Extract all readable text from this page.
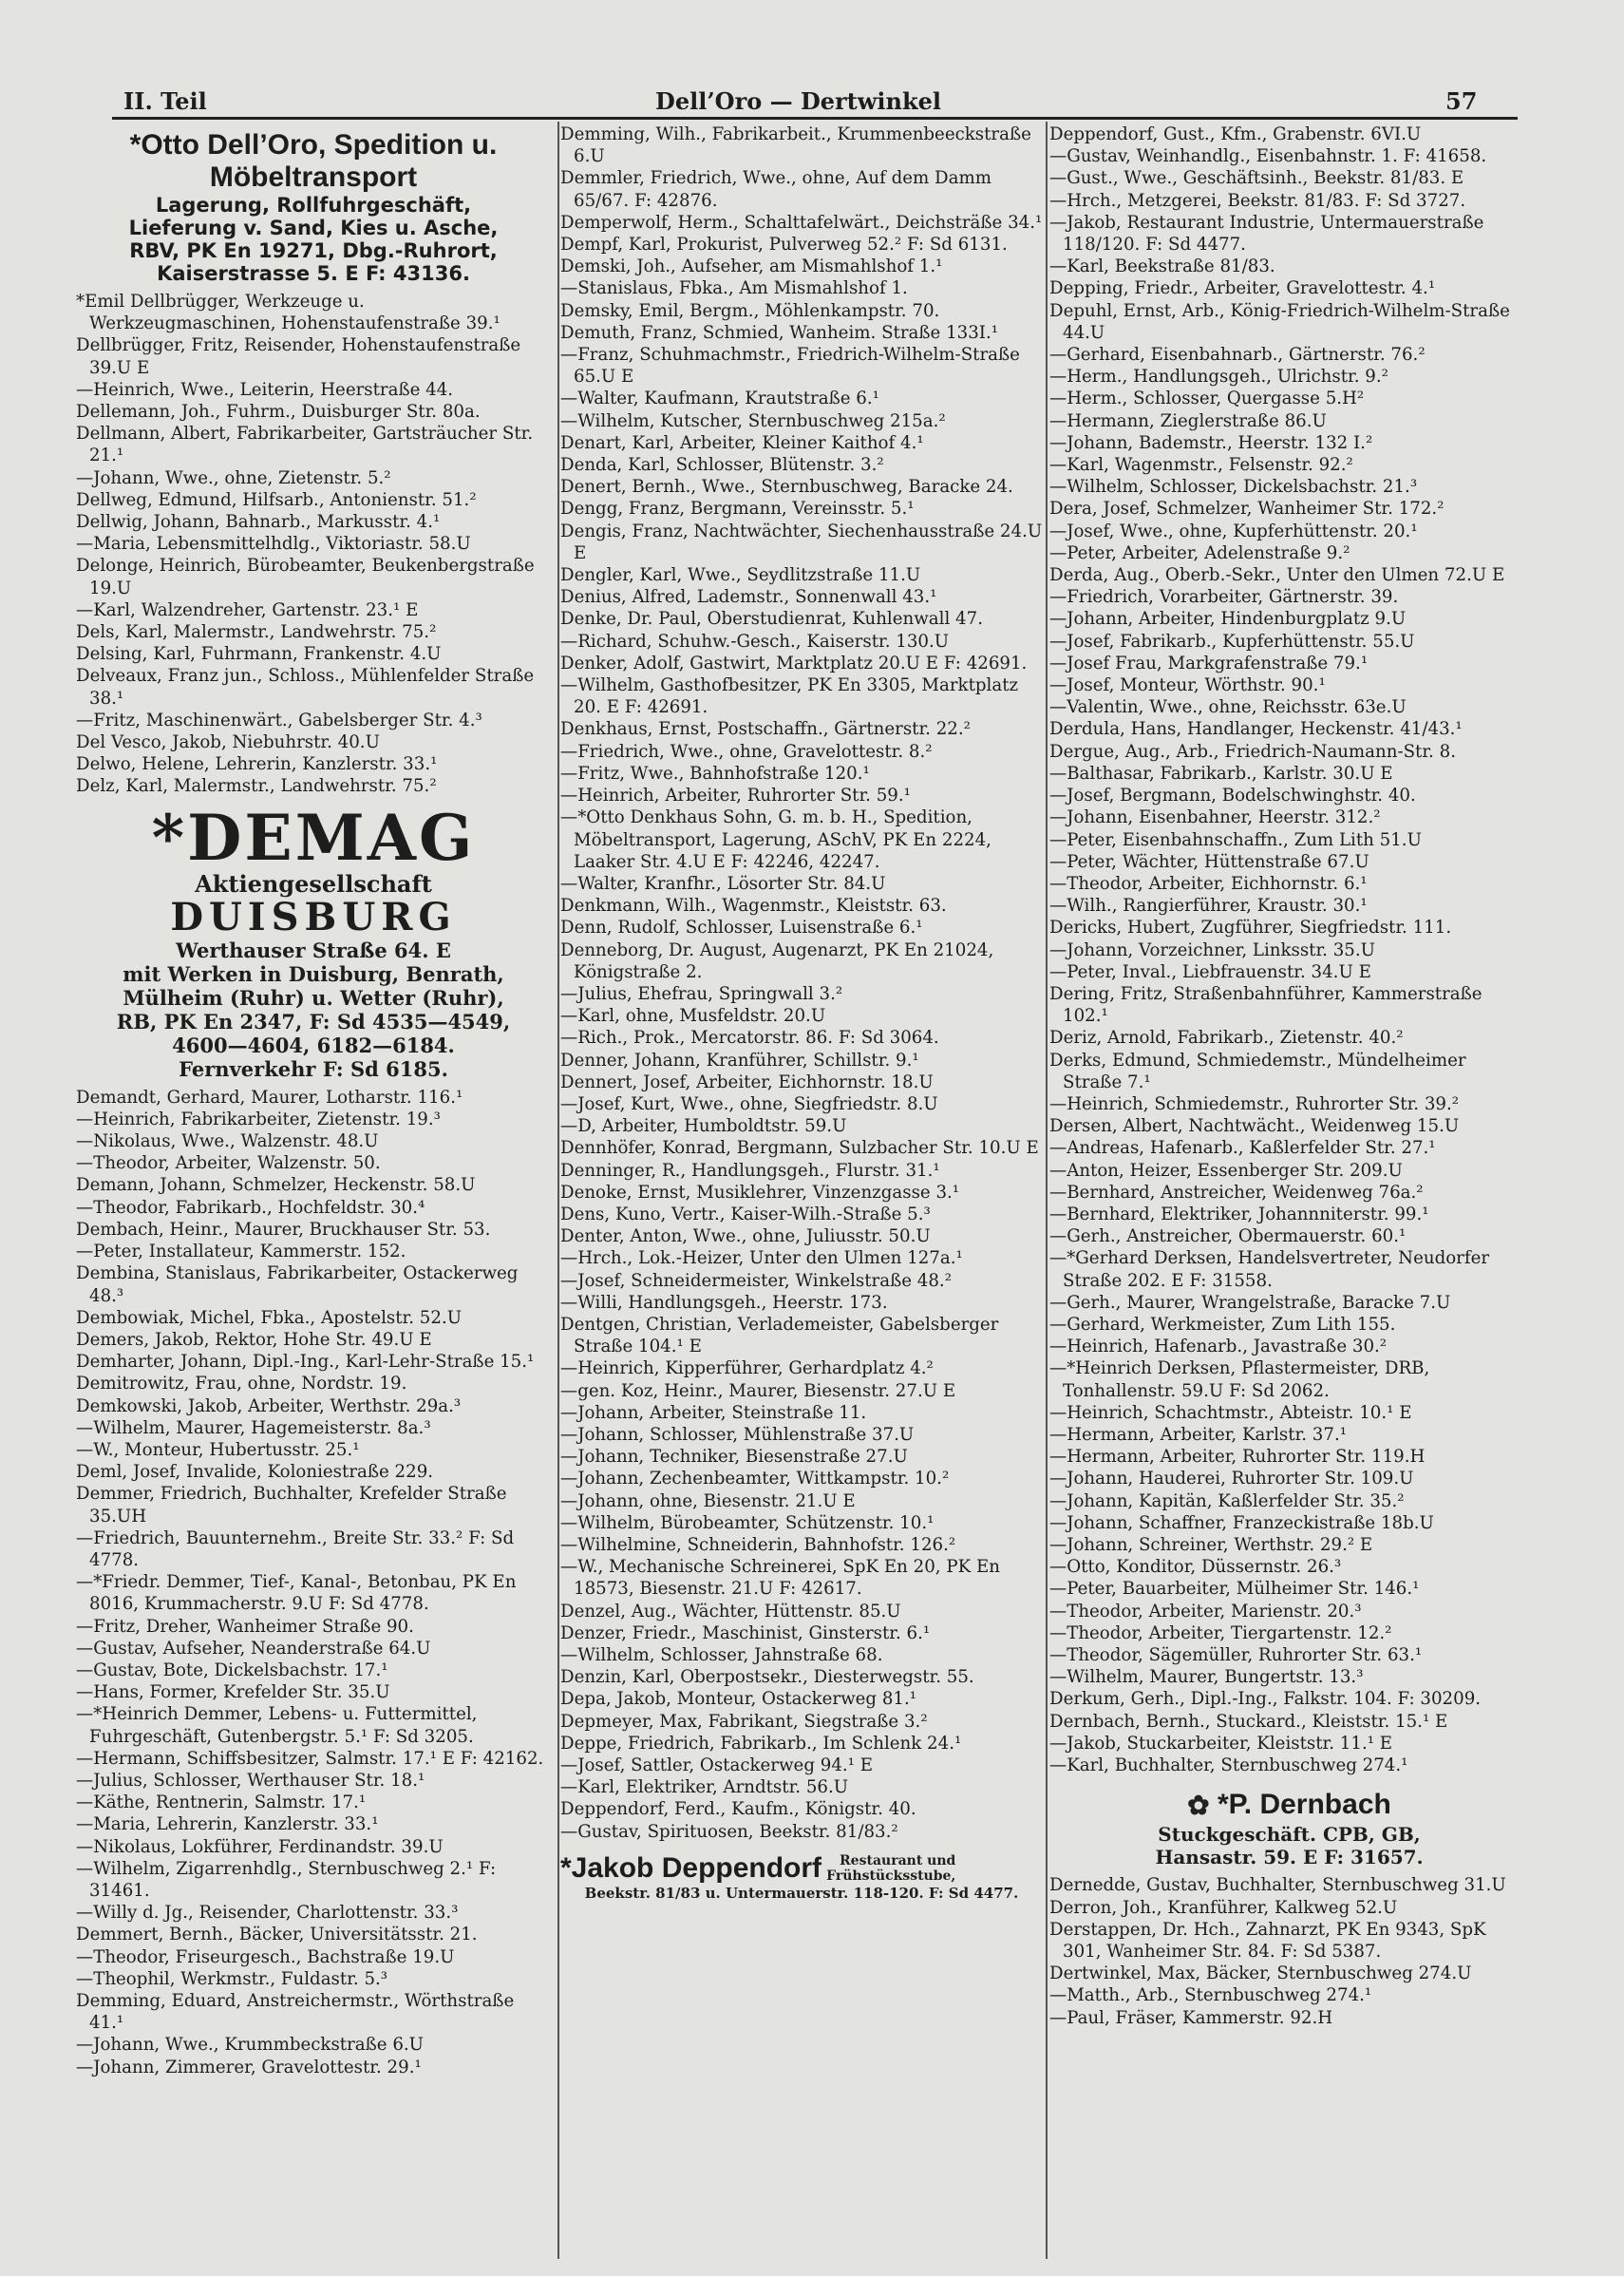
II. Teil	Dell’Oro — Dertwinkel	57
*Otto Dell’Oro, Spedition u. Möbeltransport
Lagerung, Rollfuhrgeschäft,
Lieferung v. Sand, Kies u. Asche,
RBV, PK En 19271, Dbg.-Ruhrort,
Kaiserstrasse 5. E F: 43136.
*Emil Dellbrügger, Werkzeuge u. Werkzeugmaschinen, Hohenstaufenstraße 39.¹
Dellbrügger, Fritz, Reisender, Hohenstaufenstraße 39.U E
—Heinrich, Wwe., Leiterin, Heerstraße 44.
Dellemann, Joh., Fuhrm., Duisburger Str. 80a.
Dellmann, Albert, Fabrikarbeiter, Gartsträucher Str. 21.¹
—Johann, Wwe., ohne, Zietenstr. 5.²
Dellweg, Edmund, Hilfsarb., Antonienstr. 51.²
Dellwig, Johann, Bahnarb., Markusstr. 4.¹
—Maria, Lebensmittelhdlg., Viktoriastr. 58.U
Delonge, Heinrich, Bürobeamter, Beukenbergstraße 19.U
—Karl, Walzendreher, Gartenstr. 23.¹ E
Dels, Karl, Malermstr., Landwehrstr. 75.²
Delsing, Karl, Fuhrmann, Frankenstr. 4.U
Delveaux, Franz jun., Schloss., Mühlenfelder Straße 38.¹
—Fritz, Maschinenwärt., Gabelsberger Str. 4.³
Del Vesco, Jakob, Niebuhrstr. 40.U
Delwo, Helene, Lehrerin, Kanzlerstr. 33.¹
Delz, Karl, Malermstr., Landwehrstr. 75.²
*DEMAG
Aktiengesellschaft
DUISBURG
Werthauser Straße 64. E
mit Werken in Duisburg, Benrath,
Mülheim (Ruhr) u. Wetter (Ruhr),
RB, PK En 2347, F: Sd 4535—4549,
4600—4604, 6182—6184.
Fernverkehr F: Sd 6185.
Demandt, Gerhard, Maurer, Lotharstr. 116.¹
—Heinrich, Fabrikarbeiter, Zietenstr. 19.³
—Nikolaus, Wwe., Walzenstr. 48.U
—Theodor, Arbeiter, Walzenstr. 50.
Demann, Johann, Schmelzer, Heckenstr. 58.U
—Theodor, Fabrikarb., Hochfeldstr. 30.⁴
Dembach, Heinr., Maurer, Bruckhauser Str. 53.
—Peter, Installateur, Kammerstr. 152.
Dembina, Stanislaus, Fabrikarbeiter, Ostackerweg 48.³
Dembowiak, Michel, Fbka., Apostelstr. 52.U
Demers, Jakob, Rektor, Hohe Str. 49.U E
Demharter, Johann, Dipl.-Ing., Karl-Lehr-Straße 15.¹
Demitrowitz, Frau, ohne, Nordstr. 19.
Demkowski, Jakob, Arbeiter, Werthstr. 29a.³
—Wilhelm, Maurer, Hagemeisterstr. 8a.³
—W., Monteur, Hubertusstr. 25.¹
Deml, Josef, Invalide, Koloniestraße 229.
Demmer, Friedrich, Buchhalter, Krefelder Straße 35.UH
—Friedrich, Bauunternehm., Breite Str. 33.² F: Sd 4778.
—*Friedr. Demmer, Tief-, Kanal-, Betonbau, PK En 8016, Krummacherstr. 9.U F: Sd 4778.
—Fritz, Dreher, Wanheimer Straße 90.
—Gustav, Aufseher, Neanderstraße 64.U
—Gustav, Bote, Dickelsbachstr. 17.¹
—Hans, Former, Krefelder Str. 35.U
—*Heinrich Demmer, Lebens- u. Futtermittel, Fuhrgeschäft, Gutenbergstr. 5.¹ F: Sd 3205.
—Hermann, Schiffsbesitzer, Salmstr. 17.¹ E F: 42162.
—Julius, Schlosser, Werthauser Str. 18.¹
—Käthe, Rentnerin, Salmstr. 17.¹
—Maria, Lehrerin, Kanzlerstr. 33.¹
—Nikolaus, Lokführer, Ferdinandstr. 39.U
—Wilhelm, Zigarrenhdlg., Sternbuschweg 2.¹ F: 31461.
—Willy d. Jg., Reisender, Charlottenstr. 33.³
Demmert, Bernh., Bäcker, Universitätsstr. 21.
—Theodor, Friseurgesch., Bachstraße 19.U
—Theophil, Werkmstr., Fuldastr. 5.³
Demming, Eduard, Anstreichermstr., Wörthstraße 41.¹
—Johann, Wwe., Krummbeckstraße 6.U
—Johann, Zimmerer, Gravelottestr. 29.¹
Demming, Wilh., Fabrikarbeit., Krummenbeeckstraße 6.U
Demmler, Friedrich, Wwe., ohne, Auf dem Damm 65/67. F: 42876.
Demperwolf, Herm., Schalttafelwärt., Deichsträße 34.¹
Dempf, Karl, Prokurist, Pulverweg 52.² F: Sd 6131.
Demski, Joh., Aufseher, am Mismahlshof 1.¹
—Stanislaus, Fbka., Am Mismahlshof 1.
Demsky, Emil, Bergm., Möhlenkampstr. 70.
Demuth, Franz, Schmied, Wanheim. Straße 133I.¹
—Franz, Schuhmachmstr., Friedrich-Wilhelm-Straße 65.U E
—Walter, Kaufmann, Krautstraße 6.¹
—Wilhelm, Kutscher, Sternbuschweg 215a.²
Denart, Karl, Arbeiter, Kleiner Kaithof 4.¹
Denda, Karl, Schlosser, Blütenstr. 3.²
Denert, Bernh., Wwe., Sternbuschweg, Baracke 24.
Dengg, Franz, Bergmann, Vereinsstr. 5.¹
Dengis, Franz, Nachtwächter, Siechenhausstraße 24.U E
Dengler, Karl, Wwe., Seydlitzstraße 11.U
Denius, Alfred, Lademstr., Sonnenwall 43.¹
Denke, Dr. Paul, Oberstudienrat, Kuhlenwall 47.
—Richard, Schuhw.-Gesch., Kaiserstr. 130.U
Denker, Adolf, Gastwirt, Marktplatz 20.U E F: 42691.
—Wilhelm, Gasthofbesitzer, PK En 3305, Marktplatz 20. E F: 42691.
Denkhaus, Ernst, Postschaffn., Gärtnerstr. 22.²
—Friedrich, Wwe., ohne, Gravelottestr. 8.²
—Fritz, Wwe., Bahnhofstraße 120.¹
—Heinrich, Arbeiter, Ruhrorter Str. 59.¹
—*Otto Denkhaus Sohn, G. m. b. H., Spedition, Möbeltransport, Lagerung, ASchV, PK En 2224, Laaker Str. 4.U E F: 42246, 42247.
—Walter, Kranfhr., Lösorter Str. 84.U
Denkmann, Wilh., Wagenmstr., Kleiststr. 63.
Denn, Rudolf, Schlosser, Luisenstraße 6.¹
Denneborg, Dr. August, Augenarzt, PK En 21024, Königstraße 2.
—Julius, Ehefrau, Springwall 3.²
—Karl, ohne, Musfeldstr. 20.U
—Rich., Prok., Mercatorstr. 86. F: Sd 3064.
Denner, Johann, Kranführer, Schillstr. 9.¹
Dennert, Josef, Arbeiter, Eichhornstr. 18.U
—Josef, Kurt, Wwe., ohne, Siegfriedstr. 8.U
—D, Arbeiter, Humboldtstr. 59.U
Dennhöfer, Konrad, Bergmann, Sulzbacher Str. 10.U E
Denninger, R., Handlungsgeh., Flurstr. 31.¹
Denoke, Ernst, Musiklehrer, Vinzenzgasse 3.¹
Dens, Kuno, Vertr., Kaiser-Wilh.-Straße 5.³
Denter, Anton, Wwe., ohne, Juliusstr. 50.U
—Hrch., Lok.-Heizer, Unter den Ulmen 127a.¹
—Josef, Schneidermeister, Winkelstraße 48.²
—Willi, Handlungsgeh., Heerstr. 173.
Dentgen, Christian, Verlademeister, Gabelsberger Straße 104.¹ E
—Heinrich, Kipperführer, Gerhardplatz 4.²
—gen. Koz, Heinr., Maurer, Biesenstr. 27.U E
—Johann, Arbeiter, Steinstraße 11.
—Johann, Schlosser, Mühlenstraße 37.U
—Johann, Techniker, Biesenstraße 27.U
—Johann, Zechenbeamter, Wittkampstr. 10.²
—Johann, ohne, Biesenstr. 21.U E
—Wilhelm, Bürobeamter, Schützenstr. 10.¹
—Wilhelmine, Schneiderin, Bahnhofstr. 126.²
—W., Mechanische Schreinerei, SpK En 20, PK En 18573, Biesenstr. 21.U F: 42617.
Denzel, Aug., Wächter, Hüttenstr. 85.U
Denzer, Friedr., Maschinist, Ginsterstr. 6.¹
—Wilhelm, Schlosser, Jahnstraße 68.
Denzin, Karl, Oberpostsekr., Diesterwegstr. 55.
Depa, Jakob, Monteur, Ostackerweg 81.¹
Depmeyer, Max, Fabrikant, Siegstraße 3.²
Deppe, Friedrich, Fabrikarb., Im Schlenk 24.¹
—Josef, Sattler, Ostackerweg 94.¹ E
—Karl, Elektriker, Arndtstr. 56.U
Deppendorf, Ferd., Kaufm., Königstr. 40.
—Gustav, Spirituosen, Beekstr. 81/83.²
*Jakob Deppendorf Restaurant und
Frühstücksstube,
Beekstr. 81/83 u. Untermauerstr. 118-120. F: Sd 4477.
Deppendorf, Gust., Kfm., Grabenstr. 6VI.U
—Gustav, Weinhandlg., Eisenbahnstr. 1. F: 41658.
—Gust., Wwe., Geschäftsinh., Beekstr. 81/83. E
—Hrch., Metzgerei, Beekstr. 81/83. F: Sd 3727.
—Jakob, Restaurant Industrie, Untermauerstraße 118/120. F: Sd 4477.
—Karl, Beekstraße 81/83.
Depping, Friedr., Arbeiter, Gravelottestr. 4.¹
Depuhl, Ernst, Arb., König-Friedrich-Wilhelm-Straße 44.U
—Gerhard, Eisenbahnarb., Gärtnerstr. 76.²
—Herm., Handlungsgeh., Ulrichstr. 9.²
—Herm., Schlosser, Quergasse 5.H²
—Hermann, Zieglerstraße 86.U
—Johann, Bademstr., Heerstr. 132 I.²
—Karl, Wagenmstr., Felsenstr. 92.²
—Wilhelm, Schlosser, Dickelsbachstr. 21.³
Dera, Josef, Schmelzer, Wanheimer Str. 172.²
—Josef, Wwe., ohne, Kupferhüttenstr. 20.¹
—Peter, Arbeiter, Adelenstraße 9.²
Derda, Aug., Oberb.-Sekr., Unter den Ulmen 72.U E
—Friedrich, Vorarbeiter, Gärtnerstr. 39.
—Johann, Arbeiter, Hindenburgplatz 9.U
—Josef, Fabrikarb., Kupferhüttenstr. 55.U
—Josef Frau, Markgrafenstraße 79.¹
—Josef, Monteur, Wörthstr. 90.¹
—Valentin, Wwe., ohne, Reichsstr. 63e.U
Derdula, Hans, Handlanger, Heckenstr. 41/43.¹
Dergue, Aug., Arb., Friedrich-Naumann-Str. 8.
—Balthasar, Fabrikarb., Karlstr. 30.U E
—Josef, Bergmann, Bodelschwinghstr. 40.
—Johann, Eisenbahner, Heerstr. 312.²
—Peter, Eisenbahnschaffn., Zum Lith 51.U
—Peter, Wächter, Hüttenstraße 67.U
—Theodor, Arbeiter, Eichhornstr. 6.¹
—Wilh., Rangierführer, Kraustr. 30.¹
Dericks, Hubert, Zugführer, Siegfriedstr. 111.
—Johann, Vorzeichner, Linksstr. 35.U
—Peter, Inval., Liebfrauenstr. 34.U E
Dering, Fritz, Straßenbahnführer, Kammerstraße 102.¹
Deriz, Arnold, Fabrikarb., Zietenstr. 40.²
Derks, Edmund, Schmiedemstr., Mündelheimer Straße 7.¹
—Heinrich, Schmiedemstr., Ruhrorter Str. 39.²
Dersen, Albert, Nachtwächt., Weidenweg 15.U
—Andreas, Hafenarb., Kaßlerfelder Str. 27.¹
—Anton, Heizer, Essenberger Str. 209.U
—Bernhard, Anstreicher, Weidenweg 76a.²
—Bernhard, Elektriker, Johannniterstr. 99.¹
—Gerh., Anstreicher, Obermauerstr. 60.¹
—*Gerhard Derksen, Handelsvertreter, Neudorfer Straße 202. E F: 31558.
—Gerh., Maurer, Wrangelstraße, Baracke 7.U
—Gerhard, Werkmeister, Zum Lith 155.
—Heinrich, Hafenarb., Javastraße 30.²
—*Heinrich Derksen, Pflastermeister, DRB, Tonhallenstr. 59.U F: Sd 2062.
—Heinrich, Schachtmstr., Abteistr. 10.¹ E
—Hermann, Arbeiter, Karlstr. 37.¹
—Hermann, Arbeiter, Ruhrorter Str. 119.H
—Johann, Hauderei, Ruhrorter Str. 109.U
—Johann, Kapitän, Kaßlerfelder Str. 35.²
—Johann, Schaffner, Franzeckistraße 18b.U
—Johann, Schreiner, Werthstr. 29.² E
—Otto, Konditor, Düssernstr. 26.³
—Peter, Bauarbeiter, Mülheimer Str. 146.¹
—Theodor, Arbeiter, Marienstr. 20.³
—Theodor, Arbeiter, Tiergartenstr. 12.²
—Theodor, Sägemüller, Ruhrorter Str. 63.¹
—Wilhelm, Maurer, Bungertstr. 13.³
Derkum, Gerh., Dipl.-Ing., Falkstr. 104. F: 30209.
Dernbach, Bernh., Stuckard., Kleiststr. 15.¹ E
—Jakob, Stuckarbeiter, Kleiststr. 11.¹ E
—Karl, Buchhalter, Sternbuschweg 274.¹
✿ *P. Dernbach
Stuckgeschäft. CPB, GB,
Hansastr. 59. E F: 31657.
Dernedde, Gustav, Buchhalter, Sternbuschweg 31.U
Derron, Joh., Kranführer, Kalkweg 52.U
Derstappen, Dr. Hch., Zahnarzt, PK En 9343, SpK 301, Wanheimer Str. 84. F: Sd 5387.
Dertwinkel, Max, Bäcker, Sternbuschweg 274.U
—Matth., Arb., Sternbuschweg 274.¹
—Paul, Fräser, Kammerstr. 92.H
